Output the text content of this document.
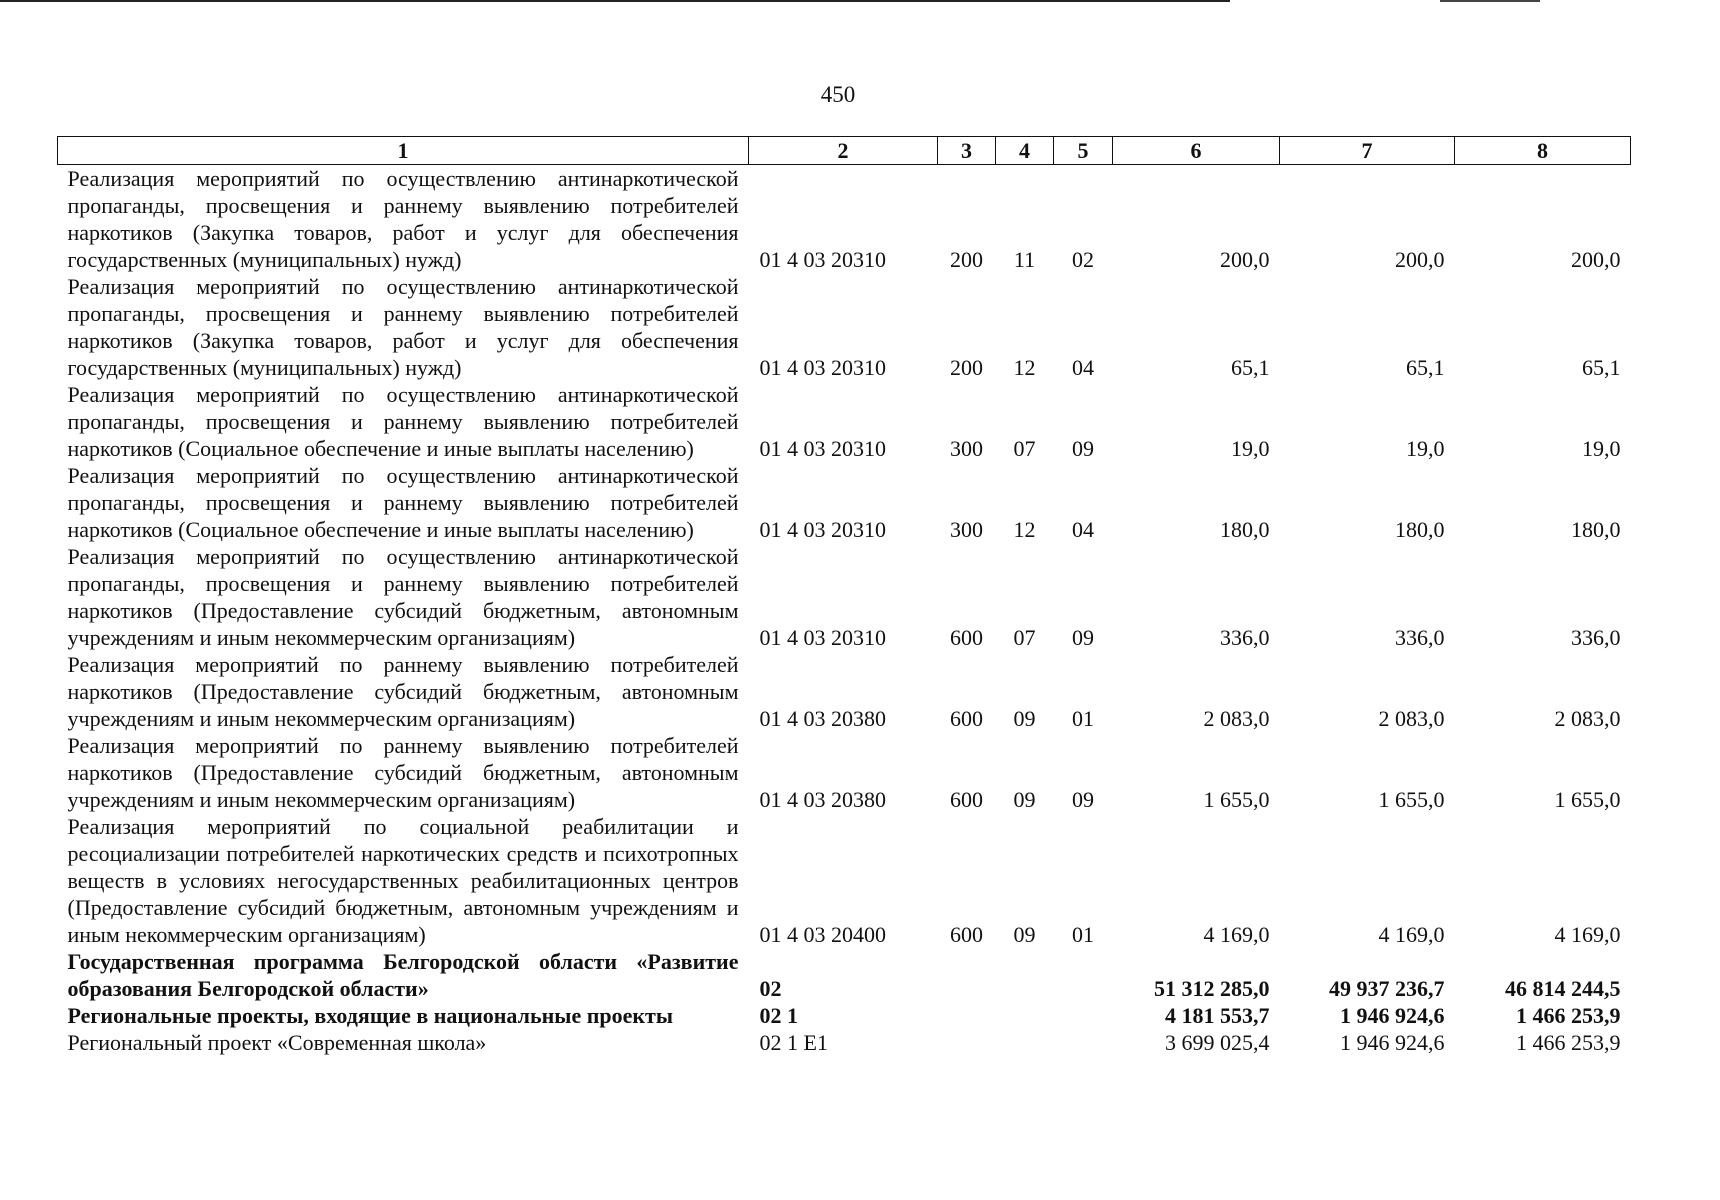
450
1	2	3	4	5	6	7	8
Реализация мероприятий по осуществлению антинаркотической пропаганды, просвещения и раннему выявлению потребителей наркотиков (Закупка товаров, работ и услуг для обеспечения государственных (муниципальных) нужд)	01 4 03 20310	200	11	02	200,0	200,0	200,0
Реализация мероприятий по осуществлению антинаркотической пропаганды, просвещения и раннему выявлению потребителей наркотиков (Закупка товаров, работ и услуг для обеспечения государственных (муниципальных) нужд)	01 4 03 20310	200	12	04	65,1	65,1	65,1
Реализация мероприятий по осуществлению антинаркотической пропаганды, просвещения и раннему выявлению потребителей наркотиков (Социальное обеспечение и иные выплаты населению)	01 4 03 20310	300	07	09	19,0	19,0	19,0
Реализация мероприятий по осуществлению антинаркотической пропаганды, просвещения и раннему выявлению потребителей наркотиков (Социальное обеспечение и иные выплаты населению)	01 4 03 20310	300	12	04	180,0	180,0	180,0
Реализация мероприятий по осуществлению антинаркотической пропаганды, просвещения и раннему выявлению потребителей наркотиков (Предоставление субсидий бюджетным, автономным учреждениям и иным некоммерческим организациям)	01 4 03 20310	600	07	09	336,0	336,0	336,0
Реализация мероприятий по раннему выявлению потребителей наркотиков (Предоставление субсидий бюджетным, автономным учреждениям и иным некоммерческим организациям)	01 4 03 20380	600	09	01	2 083,0	2 083,0	2 083,0
Реализация мероприятий по раннему выявлению потребителей наркотиков (Предоставление субсидий бюджетным, автономным учреждениям и иным некоммерческим организациям)	01 4 03 20380	600	09	09	1 655,0	1 655,0	1 655,0
Реализация мероприятий по социальной реабилитации и ресоциализации потребителей наркотических средств и психотропных веществ в условиях негосударственных реабилитационных центров (Предоставление субсидий бюджетным, автономным учреждениям и иным некоммерческим организациям)	01 4 03 20400	600	09	01	4 169,0	4 169,0	4 169,0
Государственная программа Белгородской области «Развитие образования Белгородской области»	02				51 312 285,0	49 937 236,7	46 814 244,5
Региональные проекты, входящие в национальные проекты	02 1				4 181 553,7	1 946 924,6	1 466 253,9
Региональный проект «Современная школа»	02 1 E1				3 699 025,4	1 946 924,6	1 466 253,9
